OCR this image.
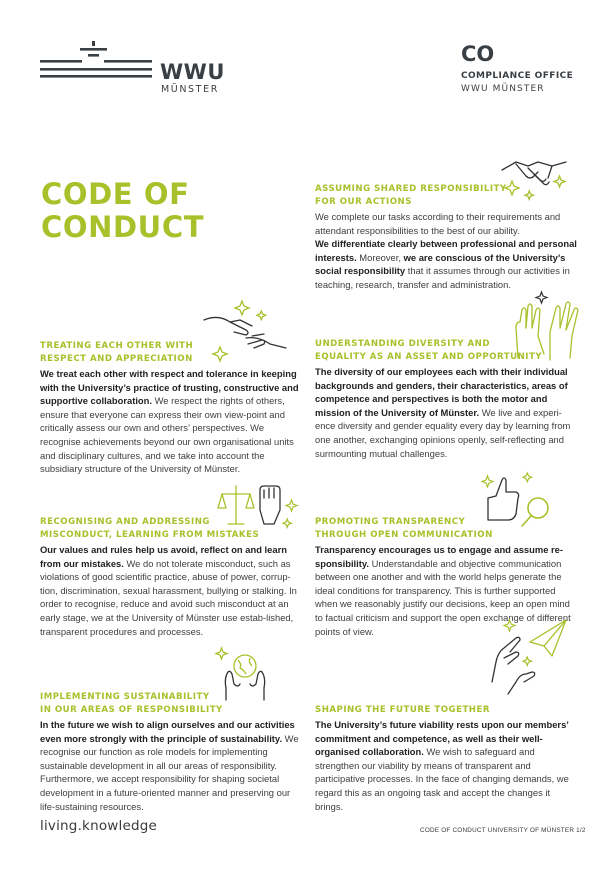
WWU
MÜNSTER
CO
COMPLIANCE OFFICE
WWU MÜNSTER
CODE OF
CONDUCT
ASSUMING SHARED RESPONSIBILITY
FOR OUR ACTIONS
We complete our tasks according to their requirements and attendant responsibilities to the best of our ability.
We differentiate clearly between professional and personal interests. Moreover, we are conscious of the University’s social responsibility that it assumes through our activities in teaching, research, transfer and administration.
TREATING EACH OTHER WITH
RESPECT AND APPRECIATION
We treat each other with respect and tolerance in keeping with the University’s practice of trusting, constructive and supportive collaboration. We respect the rights of others, ensure that everyone can express their own view-point and critically assess our own and others’ perspectives. We recognise achievements beyond our own organisational units and disciplinary cultures, and we take into account the subsidiary structure of the University of Münster.
UNDERSTANDING DIVERSITY AND
EQUALITY AS AN ASSET AND OPPORTUNITY
The diversity of our employees each with their individual backgrounds and genders, their characteristics, areas of competence and perspectives is both the motor and mission of the University of Münster. We live and experi-ence diversity and gender equality every day by learning from one another, exchanging opinions openly, self-reflecting and surmounting mutual challenges.
RECOGNISING AND ADDRESSING
MISCONDUCT, LEARNING FROM MISTAKES
Our values and rules help us avoid, reflect on and learn from our mistakes. We do not tolerate misconduct, such as violations of good scientific practice, abuse of power, corrup-tion, discrimination, sexual harassment, bullying or stalking. In order to recognise, reduce and avoid such misconduct at an early stage, we at the University of Münster use estab-lished, transparent procedures and processes.
PROMOTING TRANSPARENCY
THROUGH OPEN COMMUNICATION
Transparency encourages us to engage and assume re-sponsibility. Understandable and objective communication between one another and with the world helps generate the ideal conditions for transparency. This is further supported when we reasonably justify our decisions, keep an open mind to factual criticism and support the open exchange of different points of view.
IMPLEMENTING SUSTAINABILITY
IN OUR AREAS OF RESPONSIBILITY
In the future we wish to align ourselves and our activities even more strongly with the principle of sustainability. We recognise our function as role models for implementing sustainable development in all our areas of responsibility. Furthermore, we accept responsibility for shaping societal development in a future-oriented manner and preserving our life-sustaining resources.
SHAPING THE FUTURE TOGETHER
The University’s future viability rests upon our members’ commitment and competence, as well as their well-organised collaboration. We wish to safeguard and strengthen our viability by means of transparent and participative processes. In the face of changing demands, we regard this as an ongoing task and accept the changes it brings.
living.knowledge	CODE OF CONDUCT UNIVERSITY OF MÜNSTER 1/2
